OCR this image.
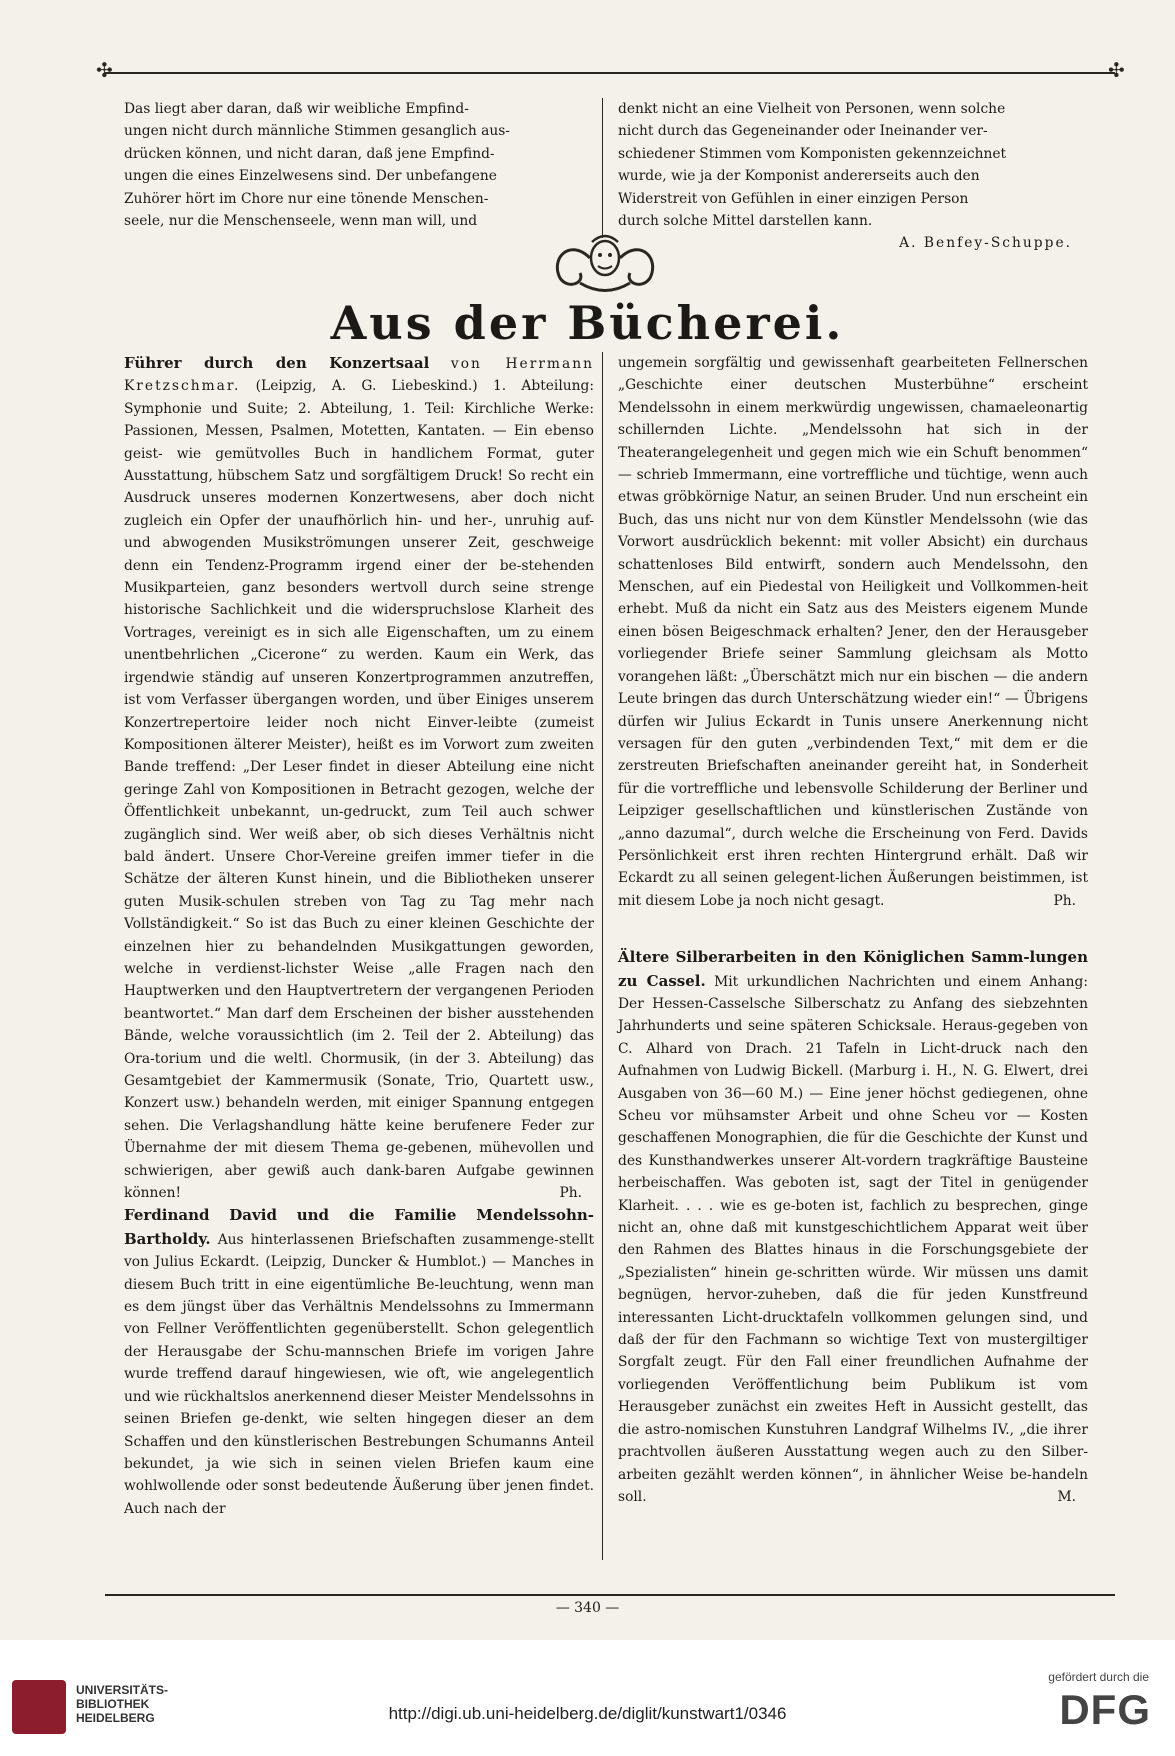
✣	✣
Das liegt aber daran, daß wir weibliche Empfind-
ungen nicht durch männliche Stimmen gesanglich aus-
drücken können, und nicht daran, daß jene Empfind-
ungen die eines Einzelwesens sind. Der unbefangene
Zuhörer hört im Chore nur eine tönende Menschen-
seele, nur die Menschenseele, wenn man will, und
denkt nicht an eine Vielheit von Personen, wenn solche
nicht durch das Gegeneinander oder Ineinander ver-
schiedener Stimmen vom Komponisten gekennzeichnet
wurde, wie ja der Komponist andererseits auch den
Widerstreit von Gefühlen in einer einzigen Person
durch solche Mittel darstellen kann.
A. Benfey-Schuppe.
Aus der Bücherei.

Führer durch den Konzertsaal von Herrmann Kretzschmar. (Leipzig, A. G. Liebeskind.) 1. Abteilung: Symphonie und Suite; 2. Abteilung, 1. Teil: Kirchliche Werke: Passionen, Messen, Psalmen, Motetten, Kantaten. — Ein ebenso geist- wie gemütvolles Buch in handlichem Format, guter Ausstattung, hübschem Satz und sorgfältigem Druck! So recht ein Ausdruck unseres modernen Konzertwesens, aber doch nicht zugleich ein Opfer der unaufhörlich hin- und her-, unruhig auf- und abwogenden Musikströmungen unserer Zeit, geschweige denn ein Tendenz-Programm irgend einer der be-stehenden Musikparteien, ganz besonders wertvoll durch seine strenge historische Sachlichkeit und die widerspruchslose Klarheit des Vortrages, vereinigt es in sich alle Eigenschaften, um zu einem unentbehrlichen „Cicerone“ zu werden. Kaum ein Werk, das irgendwie ständig auf unseren Konzertprogrammen anzutreffen, ist vom Verfasser übergangen worden, und über Einiges unserem Konzertrepertoire leider noch nicht Einver-leibte (zumeist Kompositionen älterer Meister), heißt es im Vorwort zum zweiten Bande treffend: „Der Leser findet in dieser Abteilung eine nicht geringe Zahl von Kompositionen in Betracht gezogen, welche der Öffentlichkeit unbekannt, un-gedruckt, zum Teil auch schwer zugänglich sind. Wer weiß aber, ob sich dieses Verhältnis nicht bald ändert. Unsere Chor-Vereine greifen immer tiefer in die Schätze der älteren Kunst hinein, und die Bibliotheken unserer guten Musik-schulen streben von Tag zu Tag mehr nach Vollständigkeit.“ So ist das Buch zu einer kleinen Geschichte der einzelnen hier zu behandelnden Musikgattungen geworden, welche in verdienst-lichster Weise „alle Fragen nach den Hauptwerken und den Hauptvertretern der vergangenen Perioden beantwortet.“ Man darf dem Erscheinen der bisher ausstehenden Bände, welche voraussichtlich (im 2. Teil der 2. Abteilung) das Ora-torium und die weltl. Chormusik, (in der 3. Abteilung) das Gesamtgebiet der Kammermusik (Sonate, Trio, Quartett usw., Konzert usw.) behandeln werden, mit einiger Spannung entgegen sehen. Die Verlagshandlung hätte keine berufenere Feder zur Übernahme der mit diesem Thema ge-gebenen, mühevollen und schwierigen, aber gewiß auch dank-baren Aufgabe gewinnen können!	Ph.

Ferdinand David und die Familie Mendelssohn-Bartholdy. Aus hinterlassenen Briefschaften zusammenge-stellt von Julius Eckardt. (Leipzig, Duncker & Humblot.) — Manches in diesem Buch tritt in eine eigentümliche Be-leuchtung, wenn man es dem jüngst über das Verhältnis Mendelssohns zu Immermann von Fellner Veröffentlichten gegenüberstellt. Schon gelegentlich der Herausgabe der Schu-mannschen Briefe im vorigen Jahre wurde treffend darauf hingewiesen, wie oft, wie angelegentlich und wie rückhaltslos anerkennend dieser Meister Mendelssohns in seinen Briefen ge-denkt, wie selten hingegen dieser an dem Schaffen und den künstlerischen Bestrebungen Schumanns Anteil bekundet, ja wie sich in seinen vielen Briefen kaum eine wohlwollende oder sonst bedeutende Äußerung über jenen findet. Auch nach der

ungemein sorgfältig und gewissenhaft gearbeiteten Fellnerschen „Geschichte einer deutschen Musterbühne“ erscheint Mendelssohn in einem merkwürdig ungewissen, chamaeleonartig schillernden Lichte. „Mendelssohn hat sich in der Theaterangelegenheit und gegen mich wie ein Schuft benommen“ — schrieb Immermann, eine vortreffliche und tüchtige, wenn auch etwas gröbkörnige Natur, an seinen Bruder. Und nun erscheint ein Buch, das uns nicht nur von dem Künstler Mendelssohn (wie das Vorwort ausdrücklich bekennt: mit voller Absicht) ein durchaus schattenloses Bild entwirft, sondern auch Mendelssohn, den Menschen, auf ein Piedestal von Heiligkeit und Vollkommen-heit erhebt. Muß da nicht ein Satz aus des Meisters eigenem Munde einen bösen Beigeschmack erhalten? Jener, den der Herausgeber vorliegender Briefe seiner Sammlung gleichsam als Motto vorangehen läßt: „Überschätzt mich nur ein bischen — die andern Leute bringen das durch Unterschätzung wieder ein!“ — Übrigens dürfen wir Julius Eckardt in Tunis unsere Anerkennung nicht versagen für den guten „verbindenden Text,“ mit dem er die zerstreuten Briefschaften aneinander gereiht hat, in Sonderheit für die vortreffliche und lebensvolle Schilderung der Berliner und Leipziger gesellschaftlichen und künstlerischen Zustände von „anno dazumal“, durch welche die Erscheinung von Ferd. Davids Persönlichkeit erst ihren rechten Hintergrund erhält. Daß wir Eckardt zu all seinen gelegent-lichen Äußerungen beistimmen, ist mit diesem Lobe ja noch nicht gesagt.	Ph.

Ältere Silberarbeiten in den Königlichen Samm-lungen zu Cassel. Mit urkundlichen Nachrichten und einem Anhang: Der Hessen-Casselsche Silberschatz zu Anfang des siebzehnten Jahrhunderts und seine späteren Schicksale. Heraus-gegeben von C. Alhard von Drach. 21 Tafeln in Licht-druck nach den Aufnahmen von Ludwig Bickell. (Marburg i. H., N. G. Elwert, drei Ausgaben von 36—60 M.) — Eine jener höchst gediegenen, ohne Scheu vor mühsamster Arbeit und ohne Scheu vor — Kosten geschaffenen Monographien, die für die Geschichte der Kunst und des Kunsthandwerkes unserer Alt-vordern tragkräftige Bausteine herbeischaffen. Was geboten ist, sagt der Titel in genügender Klarheit. . . . wie es ge-boten ist, fachlich zu besprechen, ginge nicht an, ohne daß mit kunstgeschichtlichem Apparat weit über den Rahmen des Blattes hinaus in die Forschungsgebiete der „Spezialisten“ hinein ge-schritten würde. Wir müssen uns damit begnügen, hervor-zuheben, daß die für jeden Kunstfreund interessanten Licht-drucktafeln vollkommen gelungen sind, und daß der für den Fachmann so wichtige Text von mustergiltiger Sorgfalt zeugt. Für den Fall einer freundlichen Aufnahme der vorliegenden Veröffentlichung beim Publikum ist vom Herausgeber zunächst ein zweites Heft in Aussicht gestellt, das die astro-nomischen Kunstuhren Landgraf Wilhelms IV., „die ihrer prachtvollen äußeren Ausstattung wegen auch zu den Silber-arbeiten gezählt werden können“, in ähnlicher Weise be-handeln soll.	M.

— 340 —
UNIVERSITÄTS-
BIBLIOTHEK
HEIDELBERG	http://digi.ub.uni-heidelberg.de/diglit/kunstwart1/0346
gefördert durch die
DFG
